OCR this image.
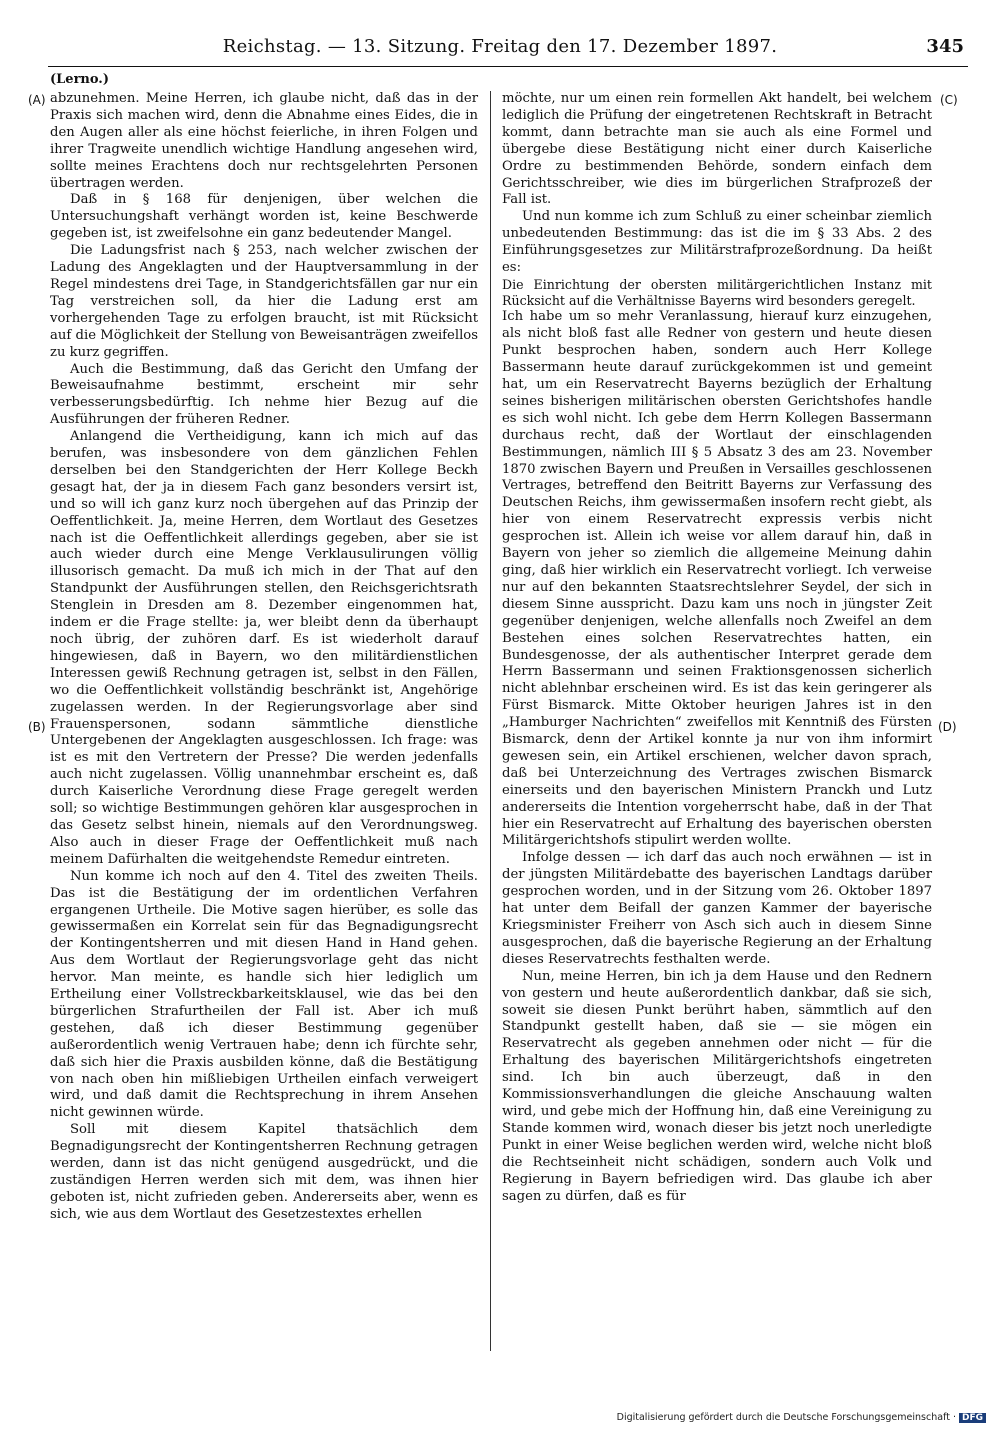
Reichstag. — 13. Sitzung. Freitag den 17. Dezember 1897.	345
(Lerno.)
(A)
(B)
(C)
(D)

abzunehmen. Meine Herren, ich glaube nicht, daß das in der Praxis sich machen wird, denn die Abnahme eines Eides, die in den Augen aller als eine höchst feierliche, in ihren Folgen und ihrer Tragweite unendlich wichtige Handlung angesehen wird, sollte meines Erachtens doch nur rechtsgelehrten Personen übertragen werden.

Daß in § 168 für denjenigen, über welchen die Untersuchungshaft verhängt worden ist, keine Beschwerde gegeben ist, ist zweifelsohne ein ganz bedeutender Mangel.

Die Ladungsfrist nach § 253, nach welcher zwischen der Ladung des Angeklagten und der Hauptversammlung in der Regel mindestens drei Tage, in Standgerichtsfällen gar nur ein Tag verstreichen soll, da hier die Ladung erst am vorhergehenden Tage zu erfolgen braucht, ist mit Rücksicht auf die Möglichkeit der Stellung von Beweisanträgen zweifellos zu kurz gegriffen.

Auch die Bestimmung, daß das Gericht den Umfang der Beweisaufnahme bestimmt, erscheint mir sehr verbesserungsbedürftig. Ich nehme hier Bezug auf die Ausführungen der früheren Redner.

Anlangend die Vertheidigung, kann ich mich auf das berufen, was insbesondere von dem gänzlichen Fehlen derselben bei den Standgerichten der Herr Kollege Beckh gesagt hat, der ja in diesem Fach ganz besonders versirt ist, und so will ich ganz kurz noch übergehen auf das Prinzip der Oeffentlichkeit. Ja, meine Herren, dem Wortlaut des Gesetzes nach ist die Oeffentlichkeit allerdings gegeben, aber sie ist auch wieder durch eine Menge Verklausulirungen völlig illusorisch gemacht. Da muß ich mich in der That auf den Standpunkt der Ausführungen stellen, den Reichsgerichtsrath Stenglein in Dresden am 8. Dezember eingenommen hat, indem er die Frage stellte: ja, wer bleibt denn da überhaupt noch übrig, der zuhören darf. Es ist wiederholt darauf hingewiesen, daß in Bayern, wo den militärdienstlichen Interessen gewiß Rechnung getragen ist, selbst in den Fällen, wo die Oeffentlichkeit vollständig beschränkt ist, Angehörige zugelassen werden. In der Regierungsvorlage aber sind Frauenspersonen, sodann sämmtliche dienstliche Untergebenen der Angeklagten ausgeschlossen. Ich frage: was ist es mit den Vertretern der Presse? Die werden jedenfalls auch nicht zugelassen. Völlig unannehmbar erscheint es, daß durch Kaiserliche Verordnung diese Frage geregelt werden soll; so wichtige Bestimmungen gehören klar ausgesprochen in das Gesetz selbst hinein, niemals auf den Verordnungsweg. Also auch in dieser Frage der Oeffentlichkeit muß nach meinem Dafürhalten die weitgehendste Remedur eintreten.

Nun komme ich noch auf den 4. Titel des zweiten Theils. Das ist die Bestätigung der im ordentlichen Verfahren ergangenen Urtheile. Die Motive sagen hierüber, es solle das gewissermaßen ein Korrelat sein für das Begnadigungsrecht der Kontingentsherren und mit diesen Hand in Hand gehen. Aus dem Wortlaut der Regierungsvorlage geht das nicht hervor. Man meinte, es handle sich hier lediglich um Ertheilung einer Vollstreckbarkeitsklausel, wie das bei den bürgerlichen Strafurtheilen der Fall ist. Aber ich muß gestehen, daß ich dieser Bestimmung gegenüber außerordentlich wenig Vertrauen habe; denn ich fürchte sehr, daß sich hier die Praxis ausbilden könne, daß die Bestätigung von nach oben hin mißliebigen Urtheilen einfach verweigert wird, und daß damit die Rechtsprechung in ihrem Ansehen nicht gewinnen würde.

Soll mit diesem Kapitel thatsächlich dem Begnadigungsrecht der Kontingentsherren Rechnung getragen werden, dann ist das nicht genügend ausgedrückt, und die zuständigen Herren werden sich mit dem, was ihnen hier geboten ist, nicht zufrieden geben. Andererseits aber, wenn es sich, wie aus dem Wortlaut des Gesetzestextes erhellen

möchte, nur um einen rein formellen Akt handelt, bei welchem lediglich die Prüfung der eingetretenen Rechtskraft in Betracht kommt, dann betrachte man sie auch als eine Formel und übergebe diese Bestätigung nicht einer durch Kaiserliche Ordre zu bestimmenden Behörde, sondern einfach dem Gerichtsschreiber, wie dies im bürgerlichen Strafprozeß der Fall ist.

Und nun komme ich zum Schluß zu einer scheinbar ziemlich unbedeutenden Bestimmung: das ist die im § 33 Abs. 2 des Einführungsgesetzes zur Militärstrafprozeßordnung. Da heißt es:

Die Einrichtung der obersten militärgerichtlichen Instanz mit Rücksicht auf die Verhältnisse Bayerns wird besonders geregelt.

Ich habe um so mehr Veranlassung, hierauf kurz einzugehen, als nicht bloß fast alle Redner von gestern und heute diesen Punkt besprochen haben, sondern auch Herr Kollege Bassermann heute darauf zurückgekommen ist und gemeint hat, um ein Reservatrecht Bayerns bezüglich der Erhaltung seines bisherigen militärischen obersten Gerichtshofes handle es sich wohl nicht. Ich gebe dem Herrn Kollegen Bassermann durchaus recht, daß der Wortlaut der einschlagenden Bestimmungen, nämlich III § 5 Absatz 3 des am 23. November 1870 zwischen Bayern und Preußen in Versailles geschlossenen Vertrages, betreffend den Beitritt Bayerns zur Verfassung des Deutschen Reichs, ihm gewissermaßen insofern recht giebt, als hier von einem Reservatrecht expressis verbis nicht gesprochen ist. Allein ich weise vor allem darauf hin, daß in Bayern von jeher so ziemlich die allgemeine Meinung dahin ging, daß hier wirklich ein Reservatrecht vorliegt. Ich verweise nur auf den bekannten Staatsrechtslehrer Seydel, der sich in diesem Sinne ausspricht. Dazu kam uns noch in jüngster Zeit gegenüber denjenigen, welche allenfalls noch Zweifel an dem Bestehen eines solchen Reservatrechtes hatten, ein Bundesgenosse, der als authentischer Interpret gerade dem Herrn Bassermann und seinen Fraktionsgenossen sicherlich nicht ablehnbar erscheinen wird. Es ist das kein geringerer als Fürst Bismarck. Mitte Oktober heurigen Jahres ist in den „Hamburger Nachrichten“ zweifellos mit Kenntniß des Fürsten Bismarck, denn der Artikel konnte ja nur von ihm informirt gewesen sein, ein Artikel erschienen, welcher davon sprach, daß bei Unterzeichnung des Vertrages zwischen Bismarck einerseits und den bayerischen Ministern Pranckh und Lutz andererseits die Intention vorgeherrscht habe, daß in der That hier ein Reservatrecht auf Erhaltung des bayerischen obersten Militärgerichtshofs stipulirt werden wollte.

Infolge dessen — ich darf das auch noch erwähnen — ist in der jüngsten Militärdebatte des bayerischen Landtags darüber gesprochen worden, und in der Sitzung vom 26. Oktober 1897 hat unter dem Beifall der ganzen Kammer der bayerische Kriegsminister Freiherr von Asch sich auch in diesem Sinne ausgesprochen, daß die bayerische Regierung an der Erhaltung dieses Reservatrechts festhalten werde.

Nun, meine Herren, bin ich ja dem Hause und den Rednern von gestern und heute außerordentlich dankbar, daß sie sich, soweit sie diesen Punkt berührt haben, sämmtlich auf den Standpunkt gestellt haben, daß sie — sie mögen ein Reservatrecht als gegeben annehmen oder nicht — für die Erhaltung des bayerischen Militärgerichtshofs eingetreten sind. Ich bin auch überzeugt, daß in den Kommissionsverhandlungen die gleiche Anschauung walten wird, und gebe mich der Hoffnung hin, daß eine Vereinigung zu Stande kommen wird, wonach dieser bis jetzt noch unerledigte Punkt in einer Weise beglichen werden wird, welche nicht bloß die Rechtseinheit nicht schädigen, sondern auch Volk und Regierung in Bayern befriedigen wird. Das glaube ich aber sagen zu dürfen, daß es für

Digitalisierung gefördert durch die Deutsche Forschungsgemeinschaft · DFG
